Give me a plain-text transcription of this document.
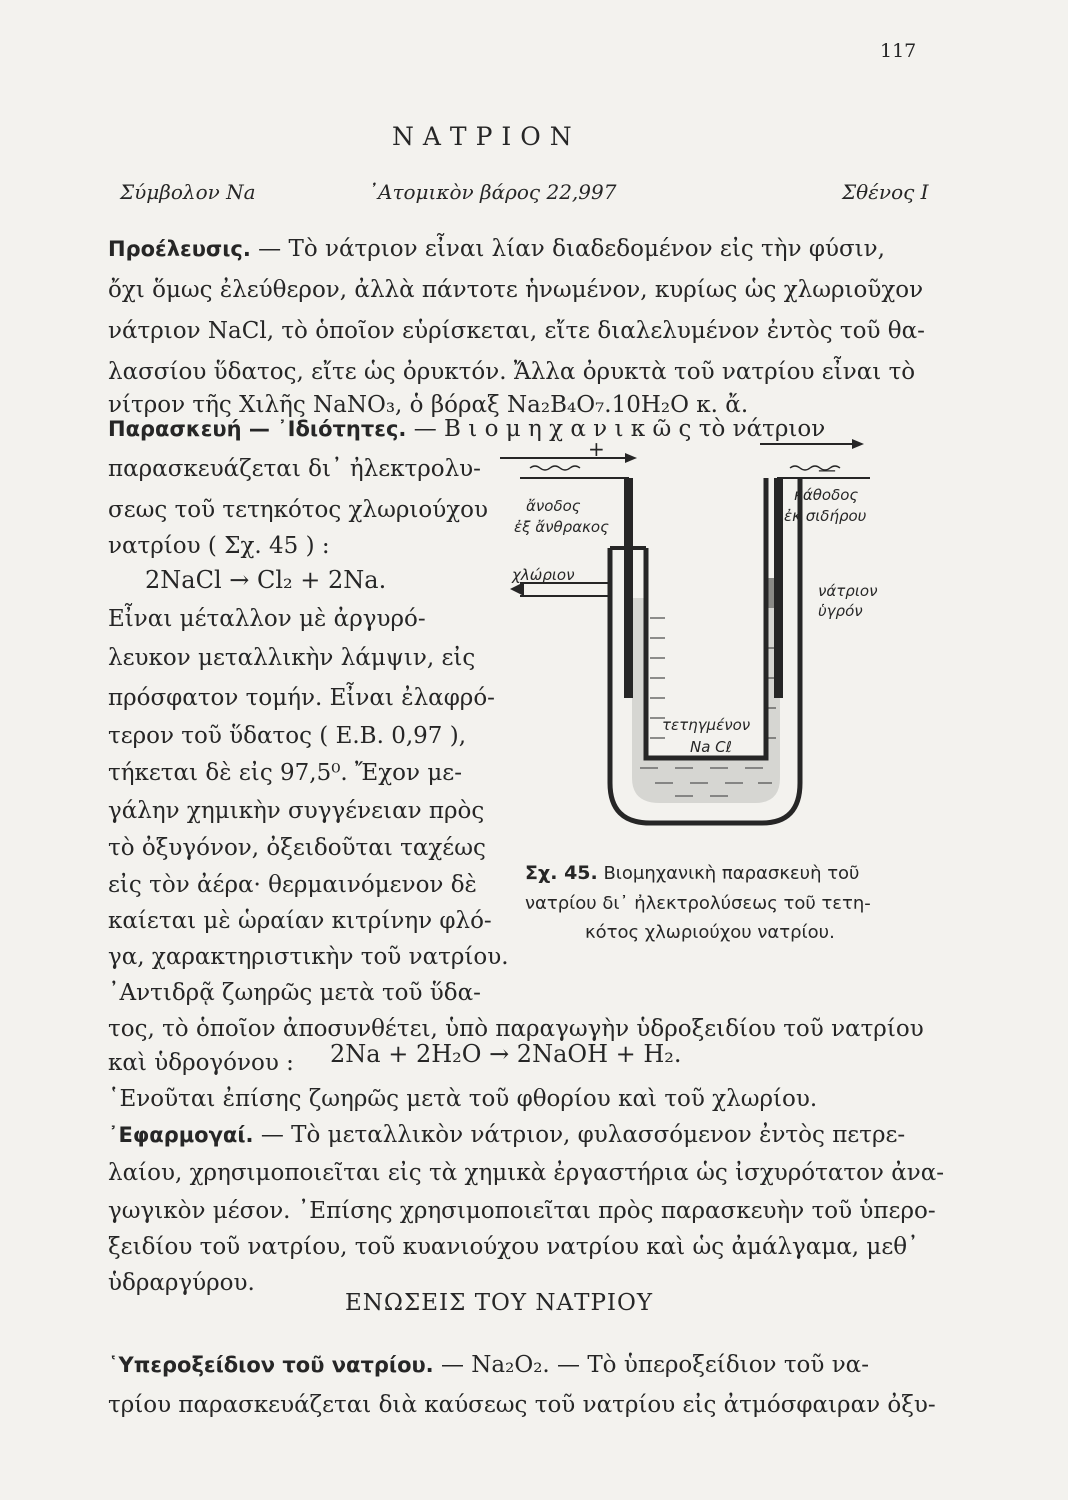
117
ΝΑΤΡΙΟΝ
Σύμβολον Na	᾿Ατομικὸν βάρος 22,997	Σθένος Ι
Προέλευσις. — Τὸ νάτριον εἶναι λίαν διαδεδομένον εἰς τὴν φύσιν,
ὄχι ὅμως ἐλεύθερον, ἀλλὰ πάντοτε ἡνωμένον, κυρίως ὡς χλωριοῦχον
νάτριον NaCl, τὸ ὁποῖον εὑρίσκεται, εἴτε διαλελυμένον ἐντὸς τοῦ θα-
λασσίου ὕδατος, εἴτε ὡς ὀρυκτόν. Ἄλλα ὀρυκτὰ τοῦ νατρίου εἶναι τὸ
νίτρον τῆς Χιλῆς NaNO₃, ὁ βόραξ Na₂B₄O₇.10H₂O κ. ἄ.
Παρασκευή — ᾿Ιδιότητες. — Β ι ο μ η χ α ν ι κ ῶ ς τὸ νάτριον
παρασκευάζεται δι᾿ ἠλεκτρολυ-
σεως τοῦ τετηκότος χλωριούχου
νατρίου ( Σχ. 45 ) :
2NaCl → Cl₂ + 2Na.
Εἶναι μέταλλον μὲ ἀργυρό-
λευκον μεταλλικὴν λάμψιν, εἰς
πρόσφατον τομήν. Εἶναι ἐλαφρό-
τερον τοῦ ὕδατος ( Ε.Β. 0,97 ),
τήκεται δὲ εἰς 97,5⁰. Ἔχον με-
γάλην χημικὴν συγγένειαν πρὸς
τὸ ὀξυγόνον, ὀξειδοῦται ταχέως
εἰς τὸν ἀέρα· θερμαινόμενον δὲ
καίεται μὲ ὡραίαν κιτρίνην φλό-
γα, χαρακτηριστικὴν τοῦ νατρίου.
᾿Αντιδρᾷ ζωηρῶς μετὰ τοῦ ὕδα-
τος, τὸ ὁποῖον ἀποσυνθέτει, ὑπὸ παραγωγὴν ὑδροξειδίου τοῦ νατρίου
καὶ ὑδρογόνου : 2Na + 2H₂O → 2NaOH + H₂.
῾Ενοῦται ἐπίσης ζωηρῶς μετὰ τοῦ φθορίου καὶ τοῦ χλωρίου.
᾿Εφαρμογαί. — Τὸ μεταλλικὸν νάτριον, φυλασσόμενον ἐντὸς πετρε-
λαίου, χρησιμοποιεῖται εἰς τὰ χημικὰ ἐργαστήρια ὡς ἰσχυρότατον ἀνα-
γωγικὸν μέσον. ᾿Επίσης χρησιμοποιεῖται πρὸς παρασκευὴν τοῦ ὑπερο-
ξειδίου τοῦ νατρίου, τοῦ κυανιούχου νατρίου καὶ ὡς ἀμάλγαμα, μεθ᾿
ὑδραργύρου.
ΕΝΩΣΕΙΣ ΤΟΥ ΝΑΤΡΙΟΥ
῾Υπεροξείδιον τοῦ νατρίου. — Na₂O₂. — Τὸ ὑπεροξείδιον τοῦ να-
τρίου παρασκευάζεται διὰ καύσεως τοῦ νατρίου εἰς ἀτμόσφαιραν ὀξυ-
+
—
ἄνοδος
ἐξ ἄνθρακος
κάθοδος
ἐκ σιδήρου
χλώριον
νάτριον
ὑγρόν
τετηγμένον
Na Cℓ
Σχ. 45. Βιομηχανικὴ παρασκευὴ τοῦ
νατρίου δι᾿ ἠλεκτρολύσεως τοῦ τετη-
κότος χλωριούχου νατρίου.
